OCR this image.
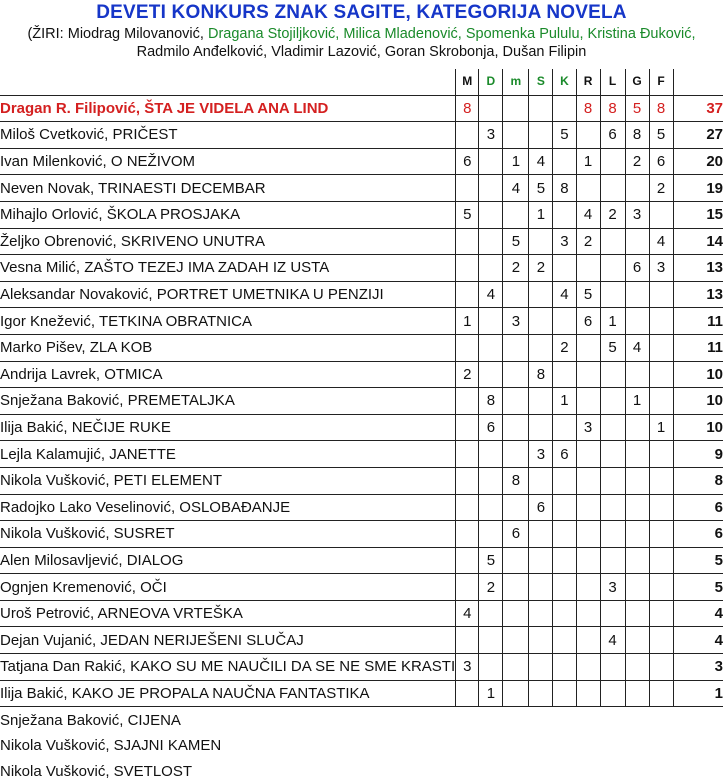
DEVETI KONKURS ZNAK SAGITE, KATEGORIJA NOVELA
(ŽIRI: Miodrag Milovanović, Dragana Stojiljković, Milica Mladenović, Spomenka Pululu, Kristina Đuković,
Radmilo Anđelković, Vladimir Lazović, Goran Skrobonja, Dušan Filipin
	M	D	m	S	K	R	L	G	F	
Dragan R. Filipović, ŠTA JE VIDELA ANA LIND	8					8	8	5	8	37
Miloš Cvetković, PRIČEST		3			5		6	8	5	27
Ivan Milenković, O NEŽIVOM	6		1	4		1		2	6	20
Neven Novak, TRINAESTI DECEMBAR			4	5	8				2	19
Mihajlo Orlović, ŠKOLA PROSJAKA	5			1		4	2	3		15
Željko Obrenović, SKRIVENO UNUTRA			5		3	2			4	14
Vesna Milić, ZAŠTO TEZEJ IMA ZADAH IZ USTA			2	2				6	3	13
Aleksandar Novaković, PORTRET UMETNIKA U PENZIJI		4			4	5				13
Igor Knežević, TETKINA OBRATNICA	1		3			6	1			11
Marko Pišev, ZLA KOB					2		5	4		11
Andrija Lavrek, OTMICA	2			8						10
Snježana Baković, PREMETALJKA		8			1			1		10
Ilija Bakić, NEČIJE RUKE		6				3			1	10
Lejla Kalamujić, JANETTE				3	6					9
Nikola Vušković, PETI ELEMENT			8							8
Radojko Lako Veselinović, OSLOBAĐANJE				6						6
Nikola Vušković, SUSRET			6							6
Alen Milosavljević, DIALOG		5								5
Ognjen Kremenović, OČI		2					3			5
Uroš Petrović, ARNEOVA VRTEŠKA	4									4
Dejan Vujanić, JEDAN NERIJEŠENI SLUČAJ							4			4
Tatjana Dan Rakić, KAKO SU ME NAUČILI DA SE NE SME KRASTI	3									3
Ilija Bakić, KAKO JE PROPALA NAUČNA FANTASTIKA		1								1
Snježana Baković, CIJENA										
Nikola Vušković, SJAJNI KAMEN										
Nikola Vušković, SVETLOST										
